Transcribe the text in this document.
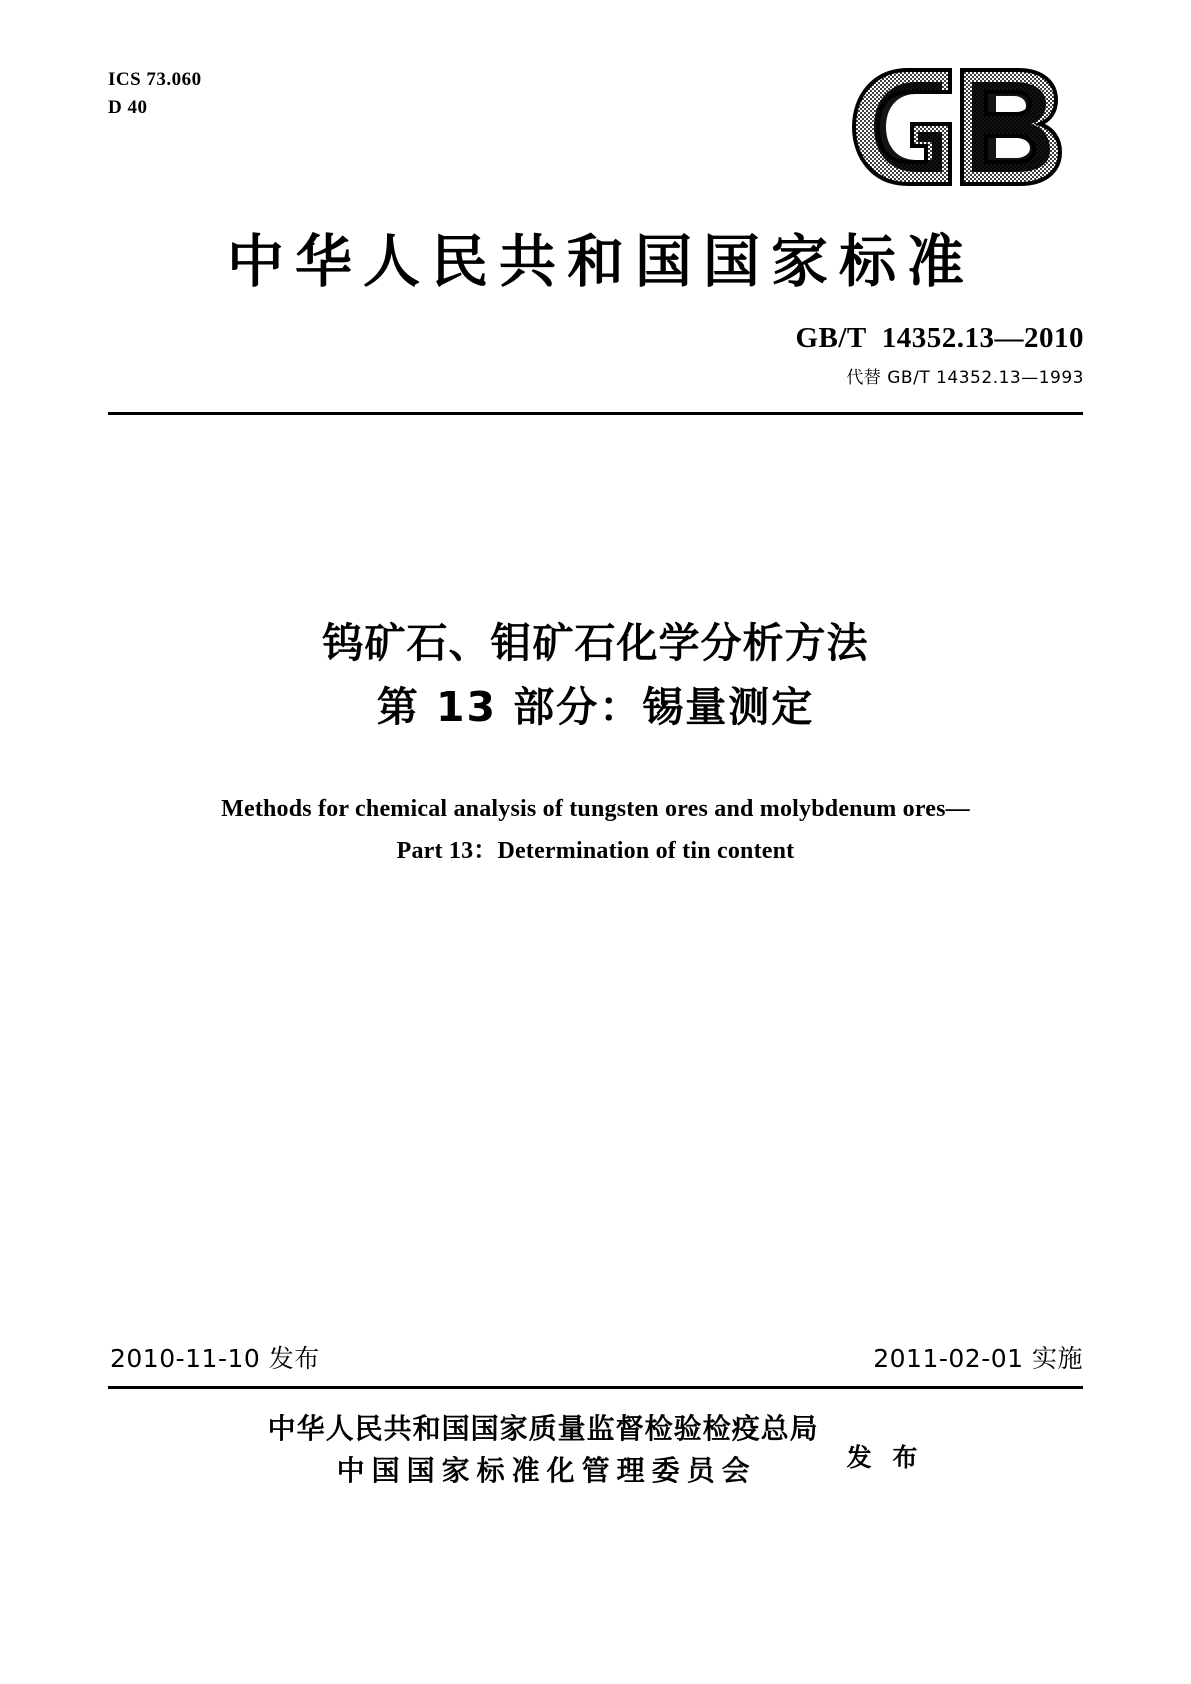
ICS 73.060
D 40
中华人民共和国国家标准
GB/T  14352.13—2010
代替 GB/T 14352.13—1993
钨矿石、钼矿石化学分析方法
第 13 部分：锡量测定
Methods for chemical analysis of tungsten ores and molybdenum ores—
Part 13：Determination of tin content
2010-11-10 发布	2011-02-01 实施
中华人民共和国国家质量监督检验检疫总局
中国国家标准化管理委员会	发 布
